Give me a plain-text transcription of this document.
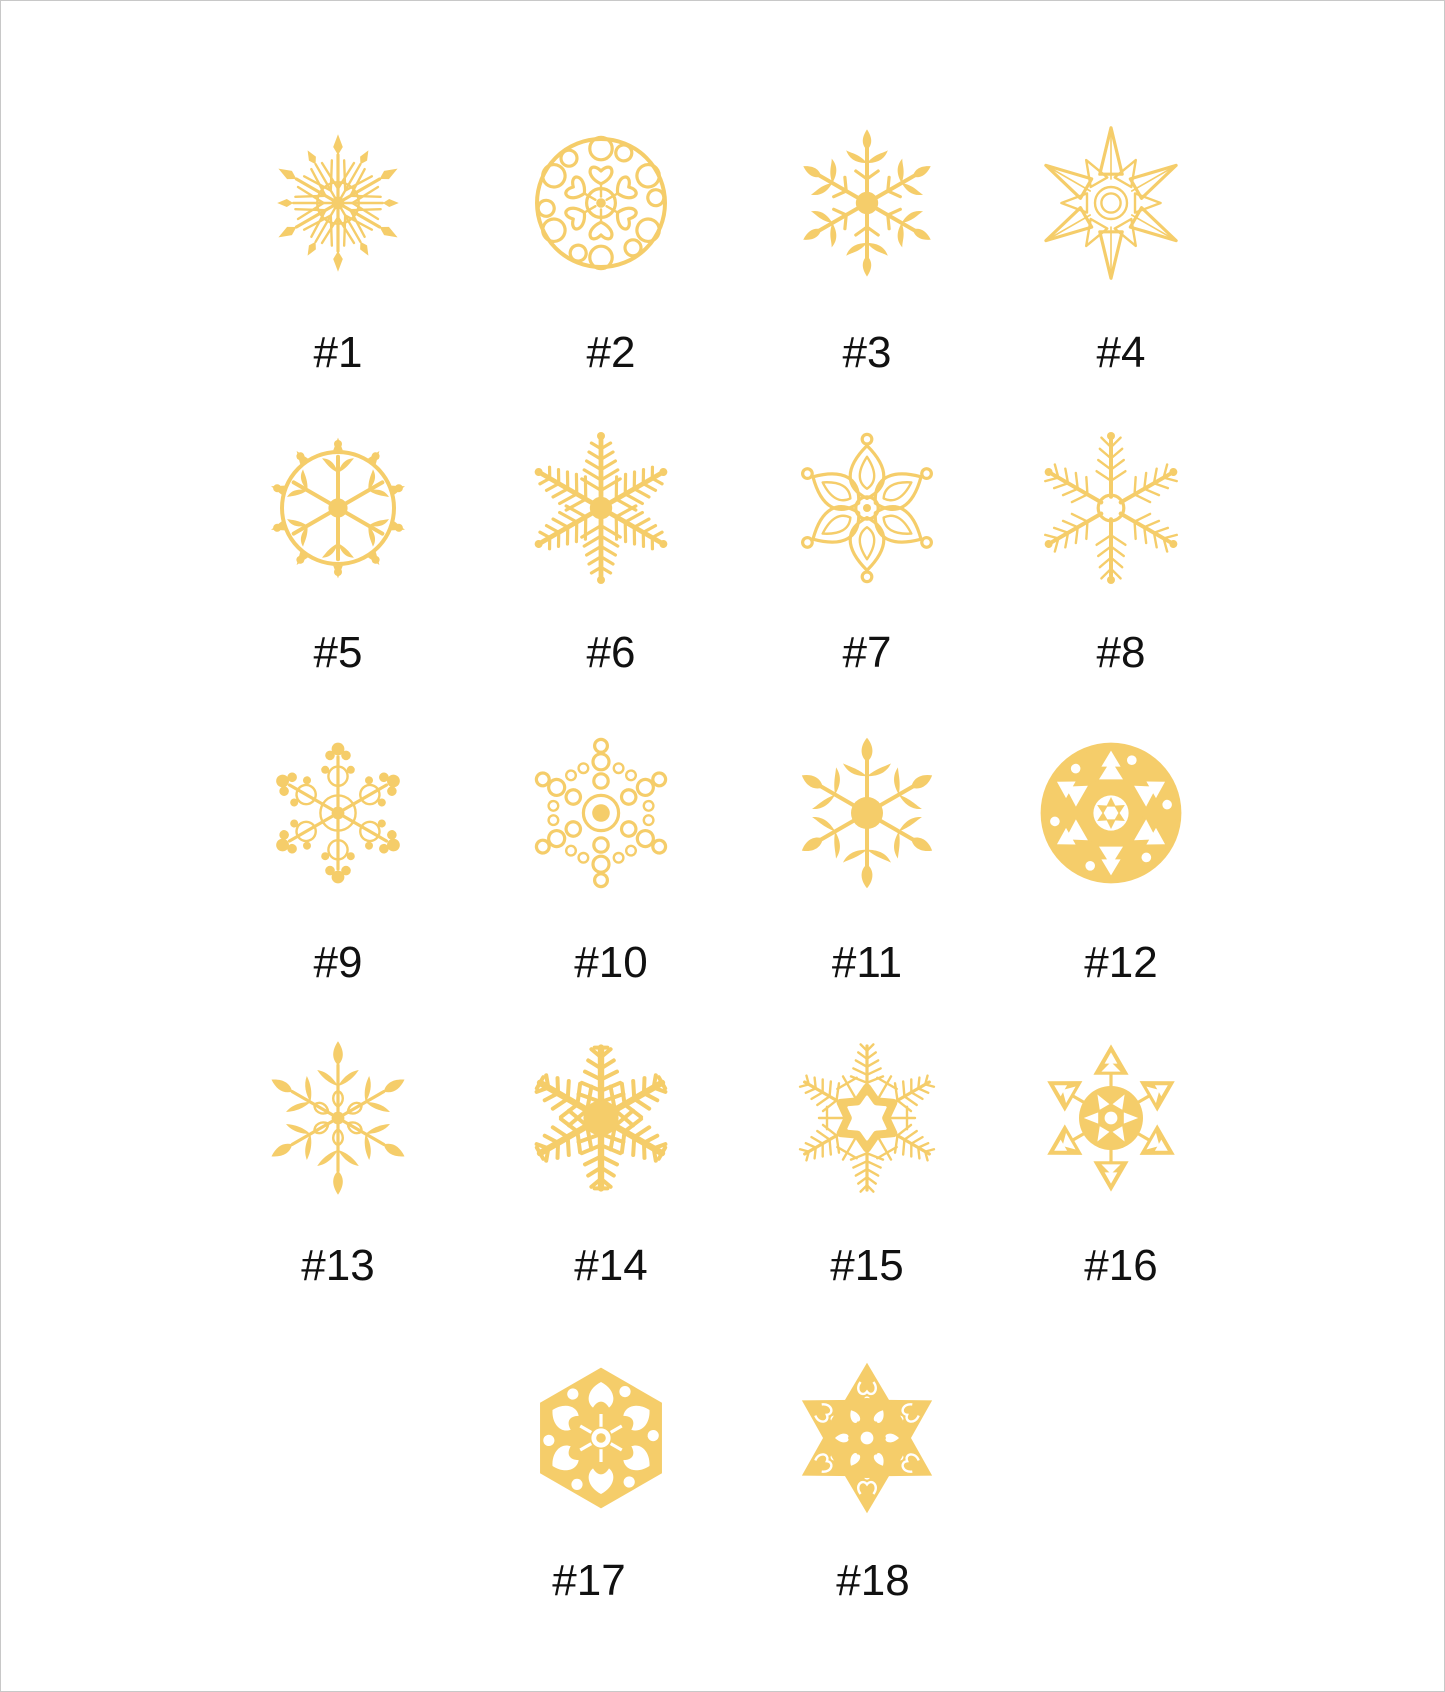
#1	#2	#3	#4
#5	#6	#7	#8
#9	#10	#11	#12
#13	#14	#15	#16
#17	#18
